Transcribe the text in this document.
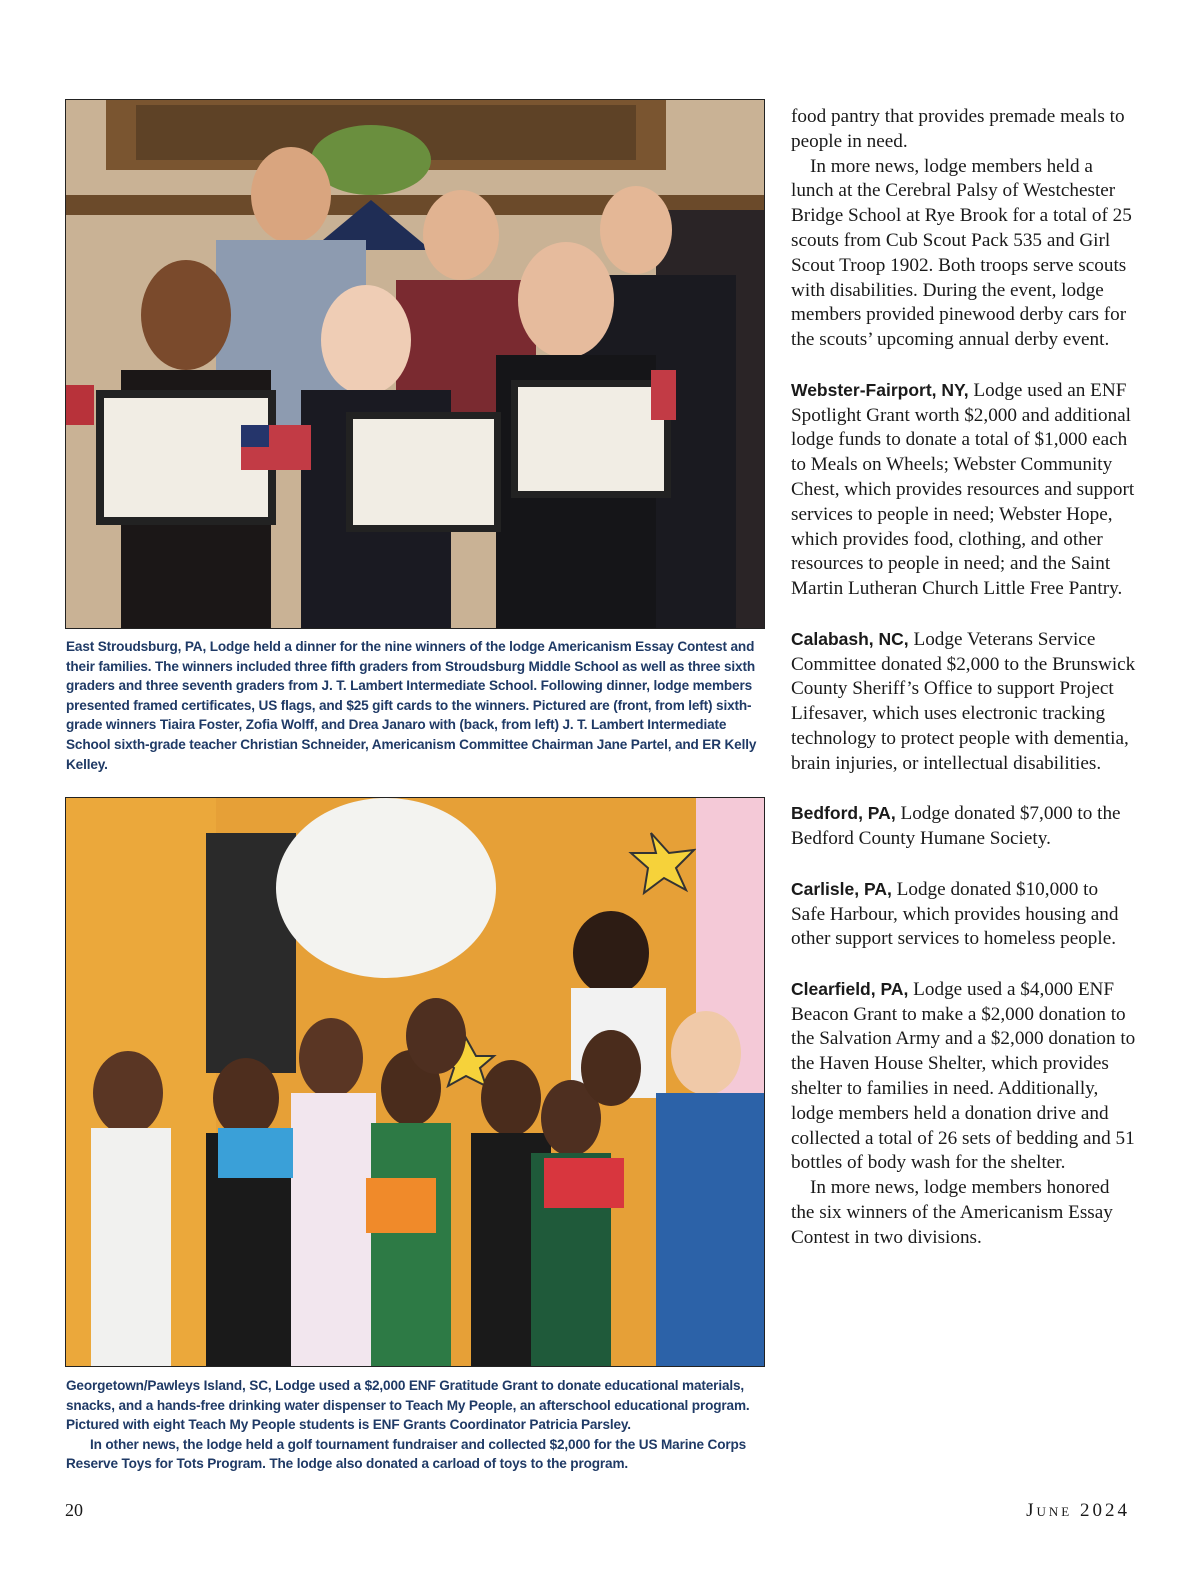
East Stroudsburg, PA, Lodge held a dinner for the nine winners of the lodge Americanism Essay Contest and their families. The winners included three fifth graders from Stroudsburg Middle School as well as three sixth graders and three seventh graders from J. T. Lambert Intermediate School. Following dinner, lodge members presented framed certificates, US flags, and $25 gift cards to the winners. Pictured are (front, from left) sixth-grade winners Tiaira Foster, Zofia Wolff, and Drea Janaro with (back, from left) J. T. Lambert Intermediate School sixth-grade teacher Christian Schneider, Americanism Committee Chairman Jane Partel, and ER Kelly Kelley.

Georgetown/Pawleys Island, SC, Lodge used a $2,000 ENF Gratitude Grant to donate educational materials, snacks, and a hands-free drinking water dispenser to Teach My People, an afterschool educational program. Pictured with eight Teach My People students is ENF Grants Coordinator Patricia Parsley.

In other news, the lodge held a golf tournament fundraiser and collected $2,000 for the US Marine Corps Reserve Toys for Tots Program. The lodge also donated a carload of toys to the program.

food pantry that provides premade meals to people in need.

In more news, lodge members held a lunch at the Cerebral Palsy of Westchester Bridge School at Rye Brook for a total of 25 scouts from Cub Scout Pack 535 and Girl Scout Troop 1902. Both troops serve scouts with disabilities. During the event, lodge members provided pinewood derby cars for the scouts’ upcoming annual derby event.

Webster-Fairport, NY, Lodge used an ENF Spotlight Grant worth $2,000 and additional lodge funds to donate a total of $1,000 each to Meals on Wheels; Webster Community Chest, which provides resources and support services to people in need; Webster Hope, which provides food, clothing, and other resources to people in need; and the Saint Martin Lutheran Church Little Free Pantry.

Calabash, NC, Lodge Veterans Service Committee donated $2,000 to the Brunswick County Sheriff’s Office to support Project Lifesaver, which uses electronic tracking technology to protect people with dementia, brain injuries, or intellectual disabilities.

Bedford, PA, Lodge donated $7,000 to the Bedford County Humane Society.

Carlisle, PA, Lodge donated $10,000 to Safe Harbour, which provides housing and other support services to homeless people.

Clearfield, PA, Lodge used a $4,000 ENF Beacon Grant to make a $2,000 donation to the Salvation Army and a $2,000 donation to the Haven House Shelter, which provides shelter to families in need. Additionally, lodge members held a donation drive and collected a total of 26 sets of bedding and 51 bottles of body wash for the shelter.

In more news, lodge members honored the six winners of the Americanism Essay Contest in two divisions.

20	June 2024
